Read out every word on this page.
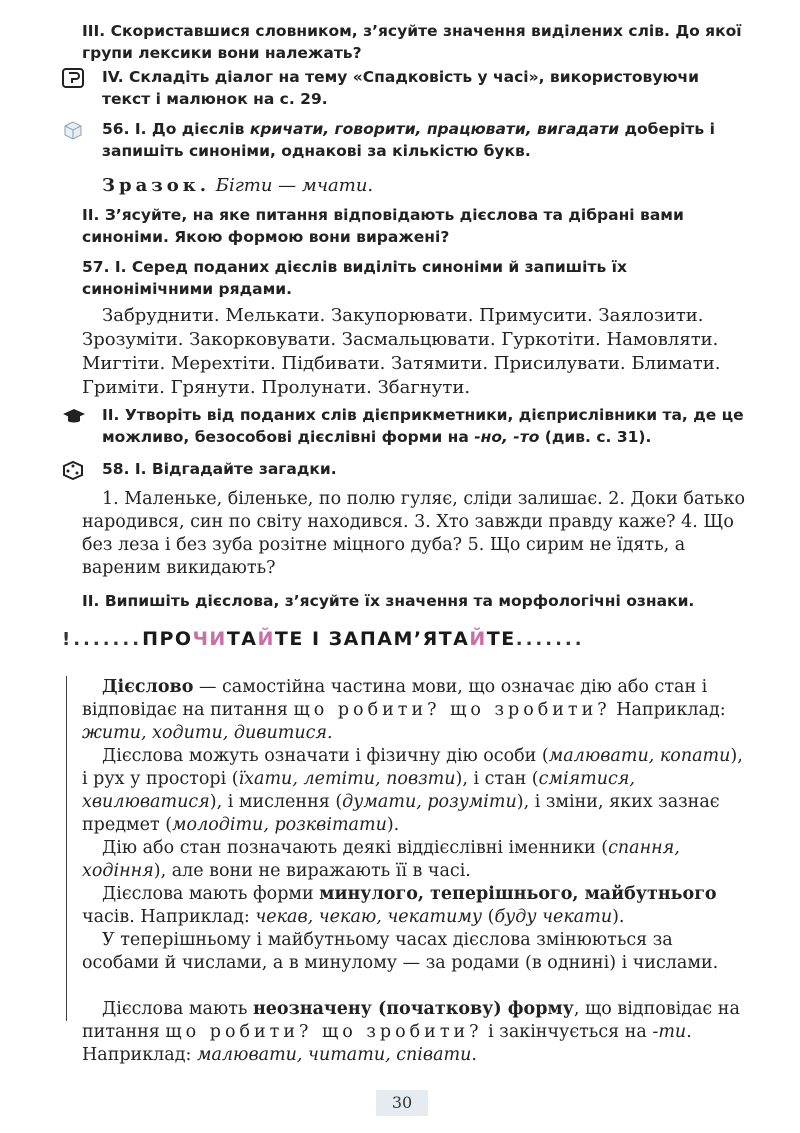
III. Скориставшися словником, з’ясуйте значення виділених слів. До якої групи лексики вони належать?
IV. Складіть діалог на тему «Спадковість у часі», використовуючи текст і малюнок на с. 29.
56. І. До дієслів кричати, говорити, працювати, вигадати доберіть і запишіть синоніми, однакові за кількістю букв.
Зразок. Бігти — мчати.
II. З’ясуйте, на яке питання відповідають дієслова та дібрані вами синоніми. Якою формою вони виражені?
57. І. Серед поданих дієслів виділіть синоніми й запишіть їх синонімічними рядами.
Забруднити. Мелькати. Закупорювати. Примусити. Заялозити. Зрозуміти. Закорковувати. Засмальцювати. Гуркотіти. Намовляти. Мигтіти. Мерехтіти. Підбивати. Затямити. Присилувати. Блимати. Гриміти. Грянути. Пролунати. Збагнути.
II. Утворіть від поданих слів дієприкметники, дієприслівники та, де це можливо, безособові дієслівні форми на -но, -то (див. с. 31).
58. І. Відгадайте загадки.
1. Маленьке, біленьке, по полю гуляє, сліди залишає. 2. Доки батько народився, син по світу находився. 3. Хто завжди правду каже? 4. Що без леза і без зуба розітне міцного дуба? 5. Що сирим не їдять, а вареним викидають?
II. Випишіть дієслова, з’ясуйте їх значення та морфологічні ознаки.
!.......ПРОЧИТАЙТЕ І ЗАПАМ’ЯТАЙТЕ.......
Дієслово — самостійна частина мови, що означає дію або стан і відповідає на питання що робити? що зробити? Наприклад: жити, ходити, дивитися.
Дієслова можуть означати і фізичну дію особи (малювати, копати), і рух у просторі (їхати, летіти, повзти), і стан (сміятися, хвилюватися), і мислення (думати, розуміти), і зміни, яких зазнає предмет (молодіти, розквітати).
Дію або стан позначають деякі віддієслівні іменники (спання, ходіння), але вони не виражають її в часі.
Дієслова мають форми минулого, теперішнього, майбутнього часів. Наприклад: чекав, чекаю, чекатиму (буду чекати).
У теперішньому і майбутньому часах дієслова змінюються за особами й числами, а в минулому — за родами (в однині) і числами.
Дієслова мають неозначену (початкову) форму, що відповідає на питання що робити? що зробити? і закінчується на -ти. Наприклад: малювати, читати, співати.
30
